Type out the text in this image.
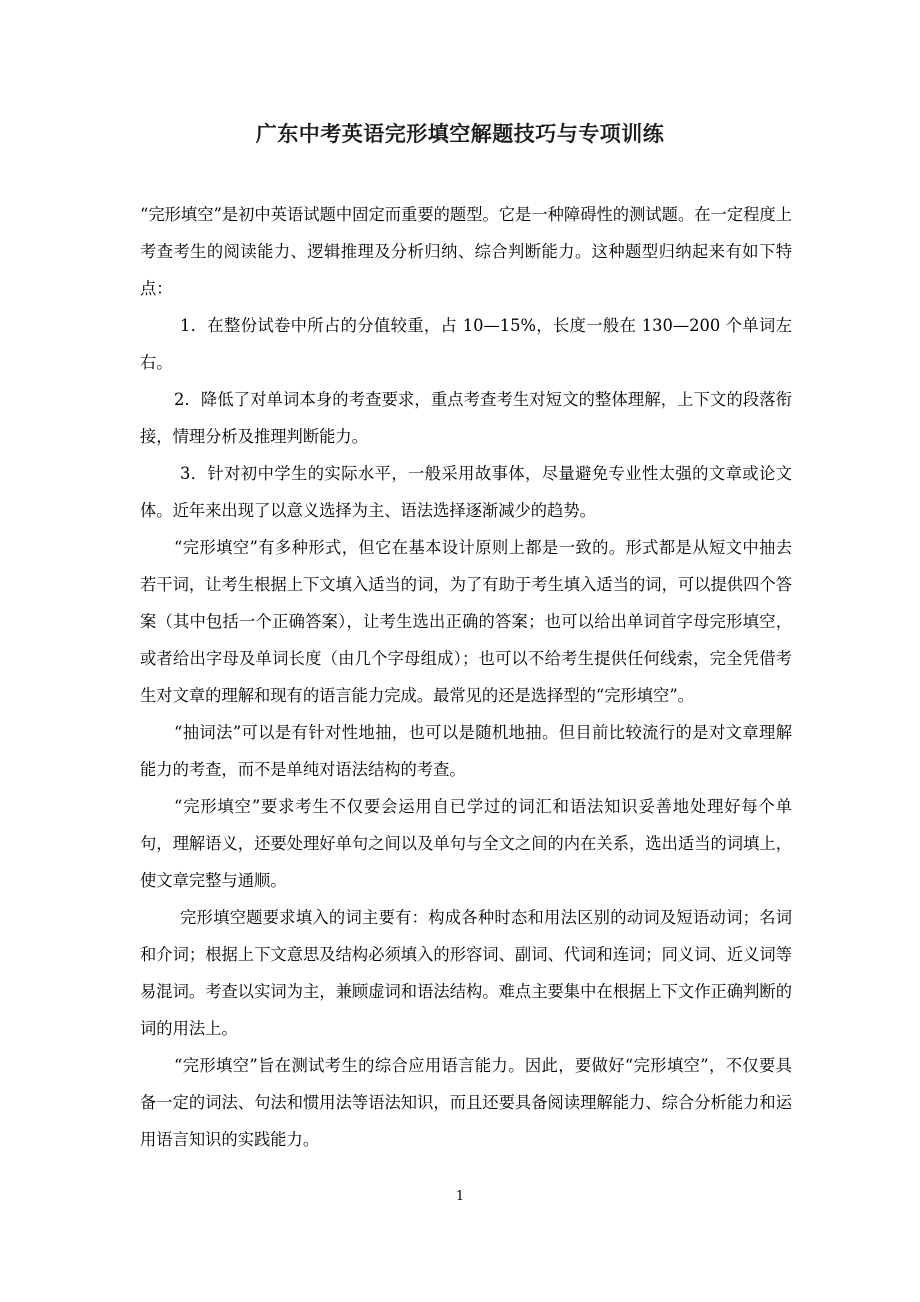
广东中考英语完形填空解题技巧与专项训练

“完形填空”是初中英语试题中固定而重要的题型。它是一种障碍性的测试题。在一定程度上考查考生的阅读能力、逻辑推理及分析归纳、综合判断能力。这种题型归纳起来有如下特点：

1．在整份试卷中所占的分值较重，占 10—15%，长度一般在 130—200 个单词左右。

2．降低了对单词本身的考查要求，重点考查考生对短文的整体理解，上下文的段落衔接，情理分析及推理判断能力。

3．针对初中学生的实际水平，一般采用故事体，尽量避免专业性太强的文章或论文体。近年来出现了以意义选择为主、语法选择逐渐减少的趋势。

“完形填空”有多种形式，但它在基本设计原则上都是一致的。形式都是从短文中抽去若干词，让考生根据上下文填入适当的词，为了有助于考生填入适当的词，可以提供四个答案（其中包括一个正确答案），让考生选出正确的答案；也可以给出单词首字母完形填空，或者给出字母及单词长度（由几个字母组成）；也可以不给考生提供任何线索，完全凭借考生对文章的理解和现有的语言能力完成。最常见的还是选择型的“完形填空”。

“抽词法”可以是有针对性地抽，也可以是随机地抽。但目前比较流行的是对文章理解能力的考查，而不是单纯对语法结构的考查。

“完形填空”要求考生不仅要会运用自已学过的词汇和语法知识妥善地处理好每个单句，理解语义，还要处理好单句之间以及单句与全文之间的内在关系，选出适当的词填上，使文章完整与通顺。

完形填空题要求填入的词主要有：构成各种时态和用法区别的动词及短语动词；名词和介词；根据上下文意思及结构必须填入的形容词、副词、代词和连词；同义词、近义词等易混词。考查以实词为主，兼顾虚词和语法结构。难点主要集中在根据上下文作正确判断的词的用法上。

“完形填空”旨在测试考生的综合应用语言能力。因此，要做好“完形填空”，不仅要具备一定的词法、句法和惯用法等语法知识，而且还要具备阅读理解能力、综合分析能力和运用语言知识的实践能力。

1
